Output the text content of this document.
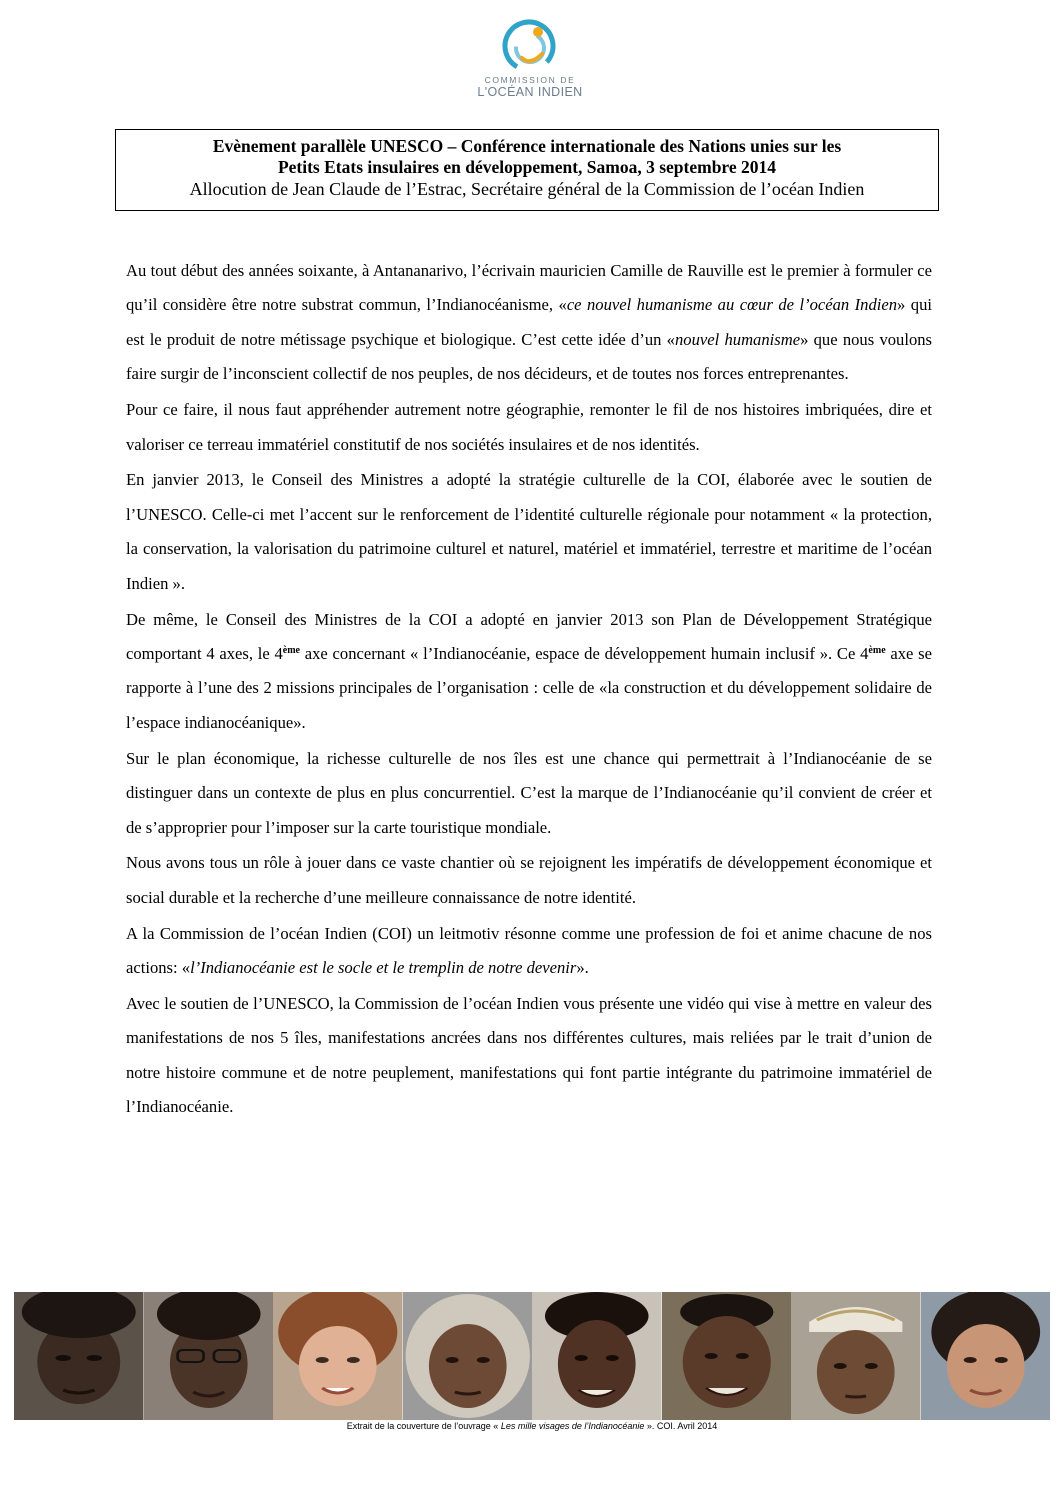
COMMISSION DE
L'OCÉAN INDIEN
Evènement parallèle UNESCO – Conférence internationale des Nations unies sur les
Petits Etats insulaires en développement, Samoa, 3 septembre 2014
Allocution de Jean Claude de l’Estrac, Secrétaire général de la Commission de l’océan Indien

Au tout début des années soixante, à Antananarivo, l’écrivain mauricien Camille de Rauville est le premier à formuler ce qu’il considère être notre substrat commun, l’Indianocéanisme, «ce nouvel humanisme au cœur de l’océan Indien» qui est le produit de notre métissage psychique et biologique. C’est cette idée d’un «nouvel humanisme» que nous voulons faire surgir de l’inconscient collectif de nos peuples, de nos décideurs, et de toutes nos forces entreprenantes.

Pour ce faire, il nous faut appréhender autrement notre géographie, remonter le fil de nos histoires imbriquées, dire et valoriser ce terreau immatériel constitutif de nos sociétés insulaires et de nos identités.

En janvier 2013, le Conseil des Ministres a adopté la stratégie culturelle de la COI, élaborée avec le soutien de l’UNESCO. Celle-ci met l’accent sur le renforcement de l’identité culturelle régionale pour notamment « la protection, la conservation, la valorisation du patrimoine culturel et naturel, matériel et immatériel, terrestre et maritime de l’océan Indien ».

De même, le Conseil des Ministres de la COI a adopté en janvier 2013 son Plan de Développement Stratégique comportant 4 axes, le 4ème axe concernant « l’Indianocéanie, espace de développement humain inclusif ». Ce 4ème axe se rapporte à l’une des 2 missions principales de l’organisation : celle de «la construction et du développement solidaire de l’espace indianocéanique».

Sur le plan économique, la richesse culturelle de nos îles est une chance qui permettrait à l’Indianocéanie de se distinguer dans un contexte de plus en plus concurrentiel. C’est la marque de l’Indianocéanie qu’il convient de créer et de s’approprier pour l’imposer sur la carte touristique mondiale.

Nous avons tous un rôle à jouer dans ce vaste chantier où se rejoignent les impératifs de développement économique et social durable et la recherche d’une meilleure connaissance de notre identité.

A la Commission de l’océan Indien (COI) un leitmotiv résonne comme une profession de foi et anime chacune de nos actions: «l’Indianocéanie est le socle et le tremplin de notre devenir».

Avec le soutien de l’UNESCO, la Commission de l’océan Indien vous présente une vidéo qui vise à mettre en valeur des manifestations de nos 5 îles, manifestations ancrées dans nos différentes cultures, mais reliées par le trait d’union de notre histoire commune et de notre peuplement, manifestations qui font partie intégrante du patrimoine immatériel de l’Indianocéanie.

Extrait de la couverture de l’ouvrage « Les mille visages de l’Indianocéanie ». COI. Avril 2014
